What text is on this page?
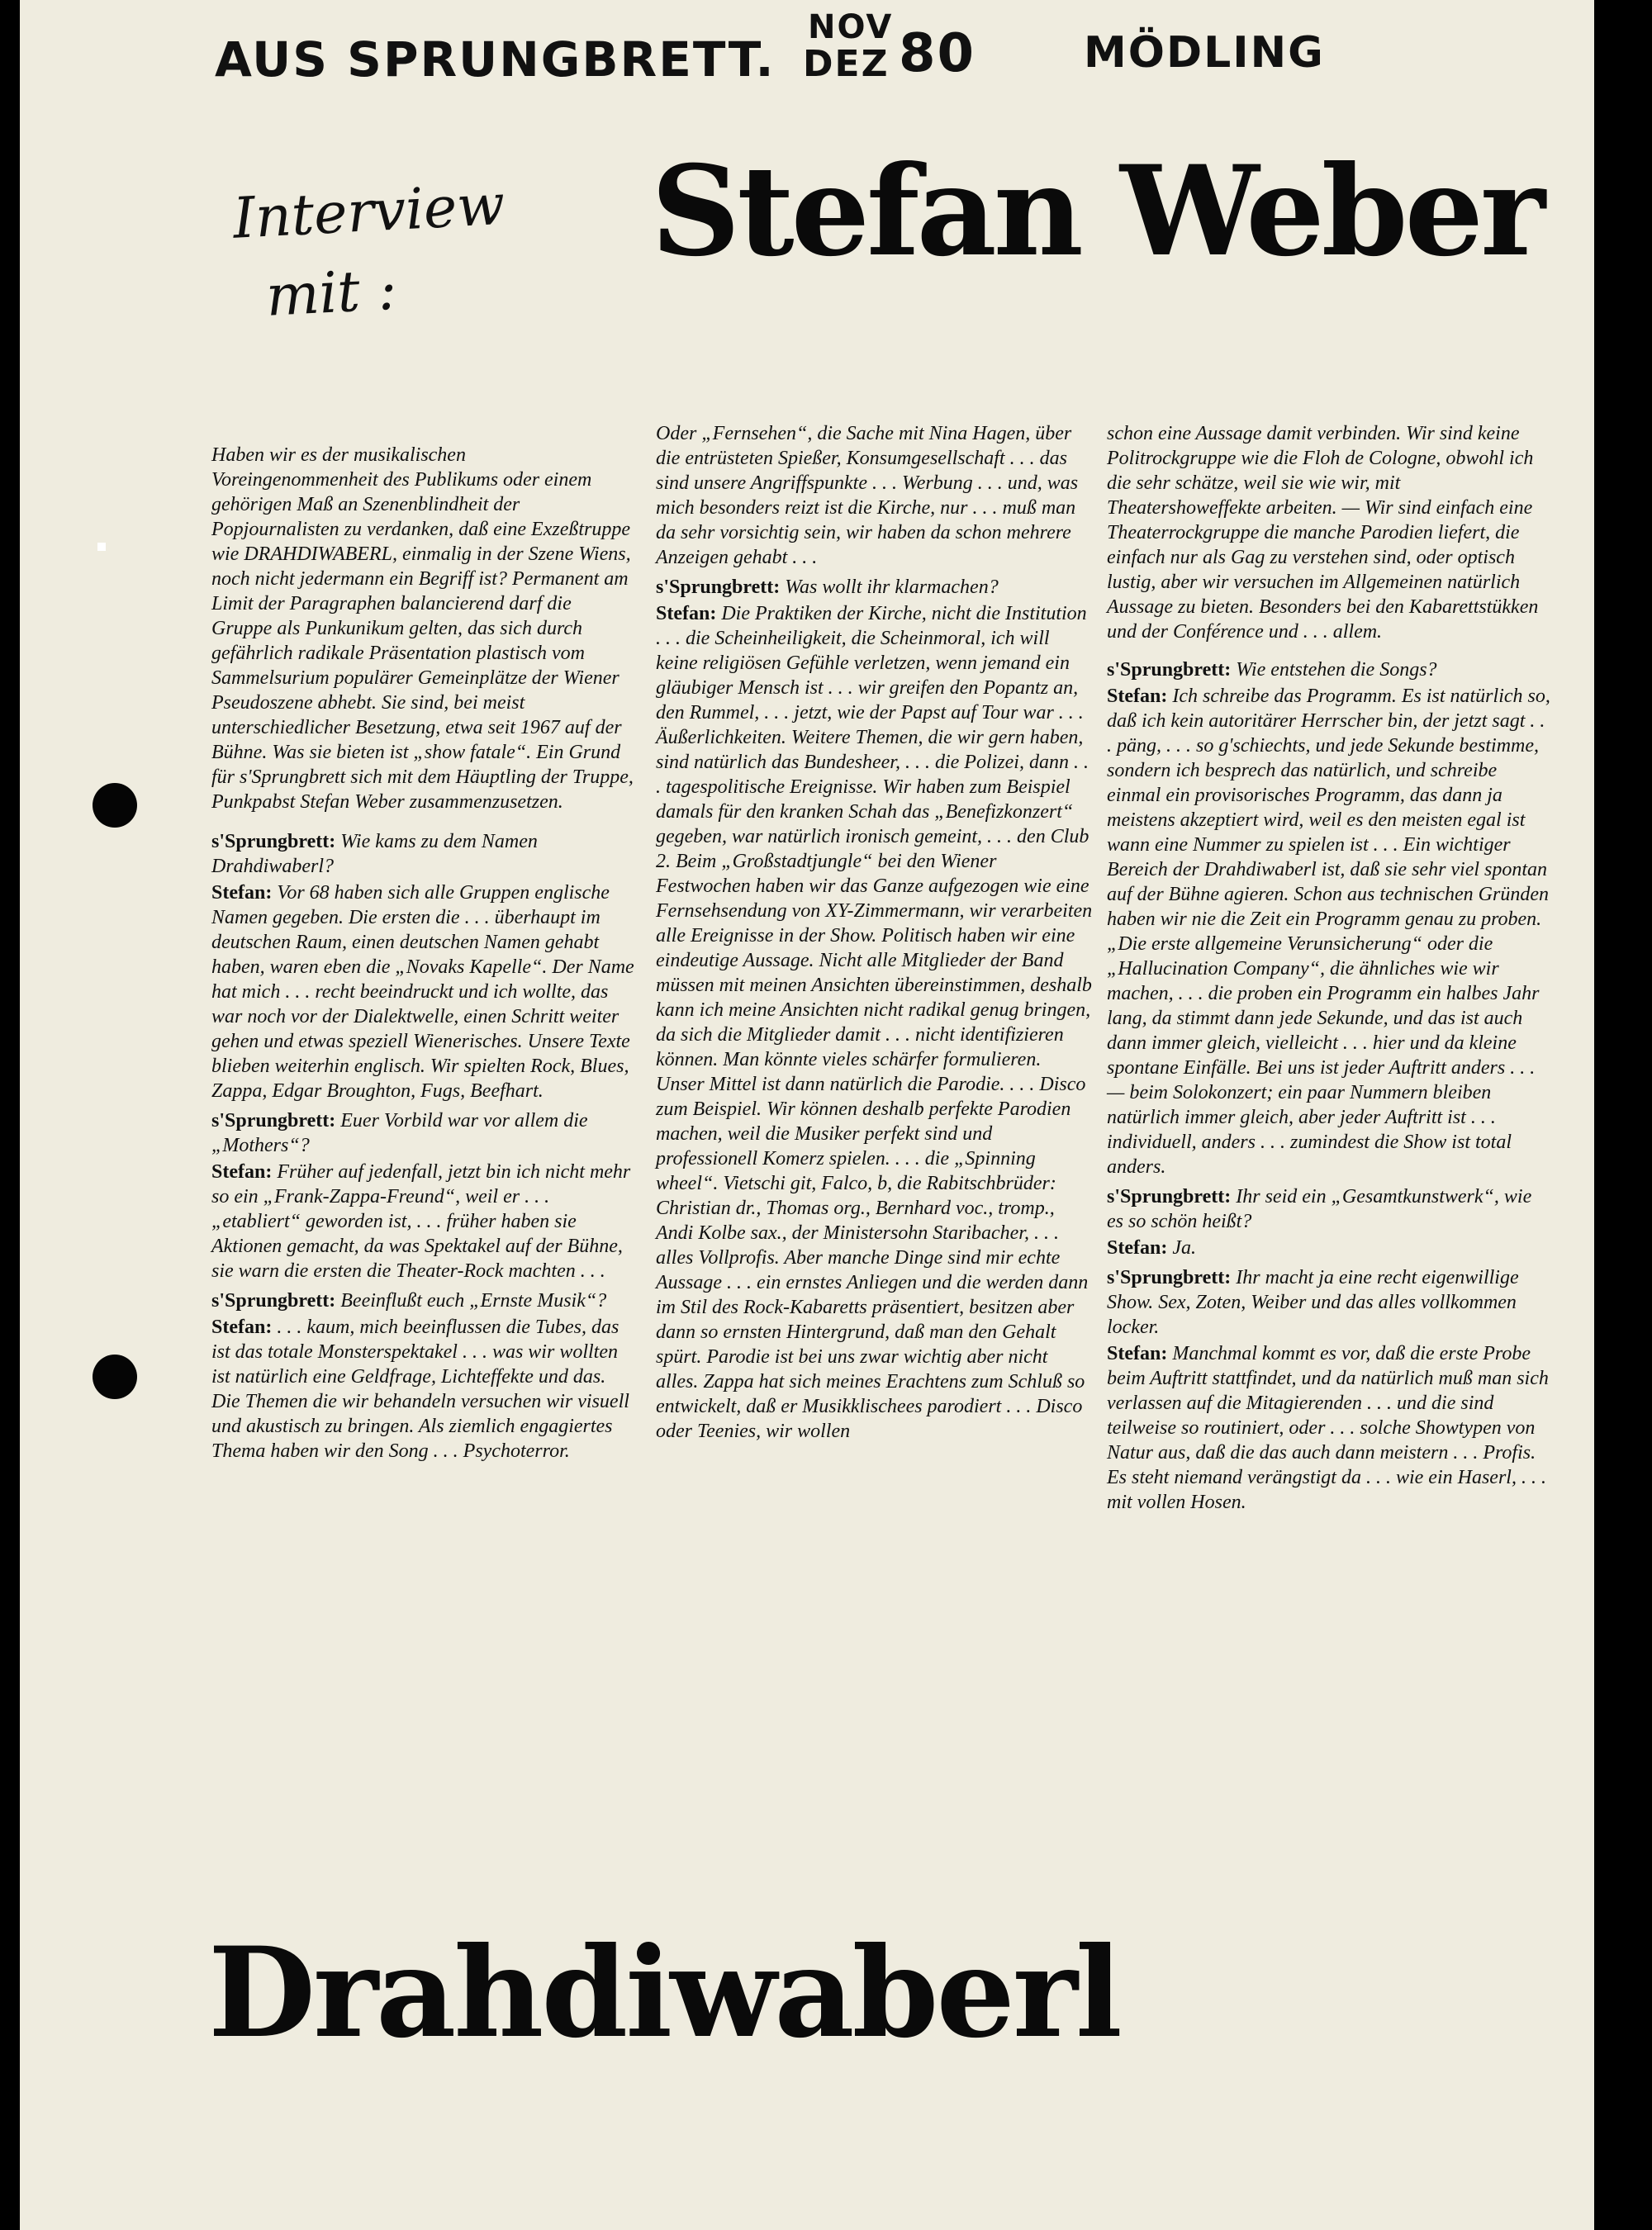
AUS SPRUNGBRETT.
NOV
DEZ 80	MÖDLING
Interview
mit :
Stefan Weber

Haben wir es der musikalischen Voreingenommenheit des Publikums oder einem gehörigen Maß an Szenenblindheit der Popjournalisten zu verdanken, daß eine Exzeßtruppe wie DRAHDIWABERL, einmalig in der Szene Wiens, noch nicht jedermann ein Begriff ist? Permanent am Limit der Paragraphen balancierend darf die Gruppe als Punkunikum gelten, das sich durch gefährlich radikale Präsentation plastisch vom Sammelsurium populärer Gemeinplätze der Wiener Pseudoszene abhebt. Sie sind, bei meist unterschiedlicher Besetzung, etwa seit 1967 auf der Bühne. Was sie bieten ist „show fatale“. Ein Grund für s'Sprungbrett sich mit dem Häuptling der Truppe, Punkpabst Stefan Weber zusammenzusetzen.

s'Sprungbrett: Wie kams zu dem Namen Drahdiwaberl?

Stefan: Vor 68 haben sich alle Gruppen englische Namen gegeben. Die ersten die . . . überhaupt im deutschen Raum, einen deutschen Namen gehabt haben, waren eben die „Novaks Kapelle“. Der Name hat mich . . . recht beeindruckt und ich wollte, das war noch vor der Dialektwelle, einen Schritt weiter gehen und etwas speziell Wienerisches. Unsere Texte blieben weiterhin englisch. Wir spielten Rock, Blues, Zappa, Edgar Broughton, Fugs, Beefhart.

s'Sprungbrett: Euer Vorbild war vor allem die „Mothers“?

Stefan: Früher auf jedenfall, jetzt bin ich nicht mehr so ein „Frank-Zappa-Freund“, weil er . . . „etabliert“ geworden ist, . . . früher haben sie Aktionen gemacht, da was Spektakel auf der Bühne, sie warn die ersten die Theater-Rock machten . . .

s'Sprungbrett: Beeinflußt euch „Ernste Musik“?

Stefan: . . . kaum, mich beeinflussen die Tubes, das ist das totale Monsterspektakel . . . was wir wollten ist natürlich eine Geldfrage, Lichteffekte und das. Die Themen die wir behandeln versuchen wir visuell und akustisch zu bringen. Als ziemlich engagiertes Thema haben wir den Song . . . Psychoterror.

Oder „Fernsehen“, die Sache mit Nina Hagen, über die entrüsteten Spießer, Konsumgesellschaft . . . das sind unsere Angriffspunkte . . . Werbung . . . und, was mich besonders reizt ist die Kirche, nur . . . muß man da sehr vorsichtig sein, wir haben da schon mehrere Anzeigen gehabt . . .

s'Sprungbrett: Was wollt ihr klarmachen?

Stefan: Die Praktiken der Kirche, nicht die Institution . . . die Scheinheiligkeit, die Scheinmoral, ich will keine religiösen Gefühle verletzen, wenn jemand ein gläubiger Mensch ist . . . wir greifen den Popantz an, den Rummel, . . . jetzt, wie der Papst auf Tour war . . . Äußerlichkeiten. Weitere Themen, die wir gern haben, sind natürlich das Bundesheer, . . . die Polizei, dann . . . tagespolitische Ereignisse. Wir haben zum Beispiel damals für den kranken Schah das „Benefizkonzert“ gegeben, war natürlich ironisch gemeint, . . . den Club 2. Beim „Großstadtjungle“ bei den Wiener Festwochen haben wir das Ganze aufgezogen wie eine Fernsehsendung von XY-Zimmermann, wir verarbeiten alle Ereignisse in der Show. Politisch haben wir eine eindeutige Aussage. Nicht alle Mitglieder der Band müssen mit meinen Ansichten übereinstimmen, deshalb kann ich meine Ansichten nicht radikal genug bringen, da sich die Mitglieder damit . . . nicht identifizieren können. Man könnte vieles schärfer formulieren. Unser Mittel ist dann natürlich die Parodie. . . . Disco zum Beispiel. Wir können deshalb perfekte Parodien machen, weil die Musiker perfekt sind und professionell Komerz spielen. . . . die „Spinning wheel“. Vietschi git, Falco, b, die Rabitschbrüder: Christian dr., Thomas org., Bernhard voc., tromp., Andi Kolbe sax., der Ministersohn Staribacher, . . . alles Vollprofis. Aber manche Dinge sind mir echte Aussage . . . ein ernstes Anliegen und die werden dann im Stil des Rock-Kabaretts präsentiert, besitzen aber dann so ernsten Hintergrund, daß man den Gehalt spürt. Parodie ist bei uns zwar wichtig aber nicht alles. Zappa hat sich meines Erachtens zum Schluß so entwickelt, daß er Musikklischees parodiert . . . Disco oder Teenies, wir wollen

schon eine Aussage damit verbinden. Wir sind keine Politrockgruppe wie die Floh de Cologne, obwohl ich die sehr schätze, weil sie wie wir, mit Theatershoweffekte arbeiten. — Wir sind einfach eine Theaterrockgruppe die manche Parodien liefert, die einfach nur als Gag zu verstehen sind, oder optisch lustig, aber wir versuchen im Allgemeinen natürlich Aussage zu bieten. Besonders bei den Kabarettstükken und der Conférence und . . . allem.

s'Sprungbrett: Wie entstehen die Songs?

Stefan: Ich schreibe das Programm. Es ist natürlich so, daß ich kein autoritärer Herrscher bin, der jetzt sagt . . . päng, . . . so g'schiechts, und jede Sekunde bestimme, sondern ich besprech das natürlich, und schreibe einmal ein provisorisches Programm, das dann ja meistens akzeptiert wird, weil es den meisten egal ist wann eine Nummer zu spielen ist . . . Ein wichtiger Bereich der Drahdiwaberl ist, daß sie sehr viel spontan auf der Bühne agieren. Schon aus technischen Gründen haben wir nie die Zeit ein Programm genau zu proben. „Die erste allgemeine Verunsicherung“ oder die „Hallucination Company“, die ähnliches wie wir machen, . . . die proben ein Programm ein halbes Jahr lang, da stimmt dann jede Sekunde, und das ist auch dann immer gleich, vielleicht . . . hier und da kleine spontane Einfälle. Bei uns ist jeder Auftritt anders . . . — beim Solokonzert; ein paar Nummern bleiben natürlich immer gleich, aber jeder Auftritt ist . . . individuell, anders . . . zumindest die Show ist total anders.

s'Sprungbrett: Ihr seid ein „Gesamtkunstwerk“, wie es so schön heißt?

Stefan: Ja.

s'Sprungbrett: Ihr macht ja eine recht eigenwillige Show. Sex, Zoten, Weiber und das alles vollkommen locker.

Stefan: Manchmal kommt es vor, daß die erste Probe beim Auftritt stattfindet, und da natürlich muß man sich verlassen auf die Mitagierenden . . . und die sind teilweise so routiniert, oder . . . solche Showtypen von Natur aus, daß die das auch dann meistern . . . Profis. Es steht niemand verängstigt da . . . wie ein Haserl, . . . mit vollen Hosen.

Drahdiwaberl
